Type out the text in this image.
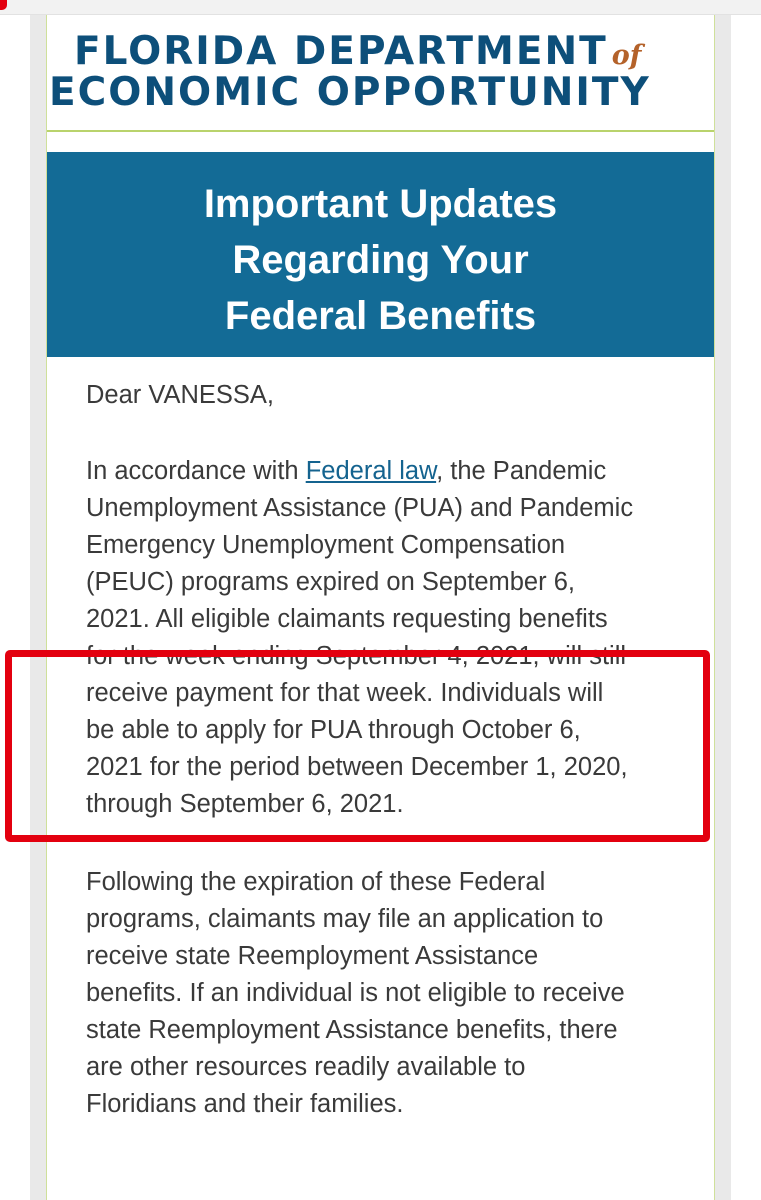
FLORIDA DEPARTMENT of
ECONOMIC OPPORTUNITY
Important Updates
Regarding Your
Federal Benefits

Dear VANESSA,

In accordance with Federal law, the Pandemic
Unemployment Assistance (PUA) and Pandemic
Emergency Unemployment Compensation
(PEUC) programs expired on September 6,
2021. All eligible claimants requesting benefits
for the week ending September 4, 2021, will still
receive payment for that week. Individuals will
be able to apply for PUA through October 6,
2021 for the period between December 1, 2020,
through September 6, 2021.

Following the expiration of these Federal
programs, claimants may file an application to
receive state Reemployment Assistance
benefits. If an individual is not eligible to receive
state Reemployment Assistance benefits, there
are other resources readily available to
Floridians and their families.
